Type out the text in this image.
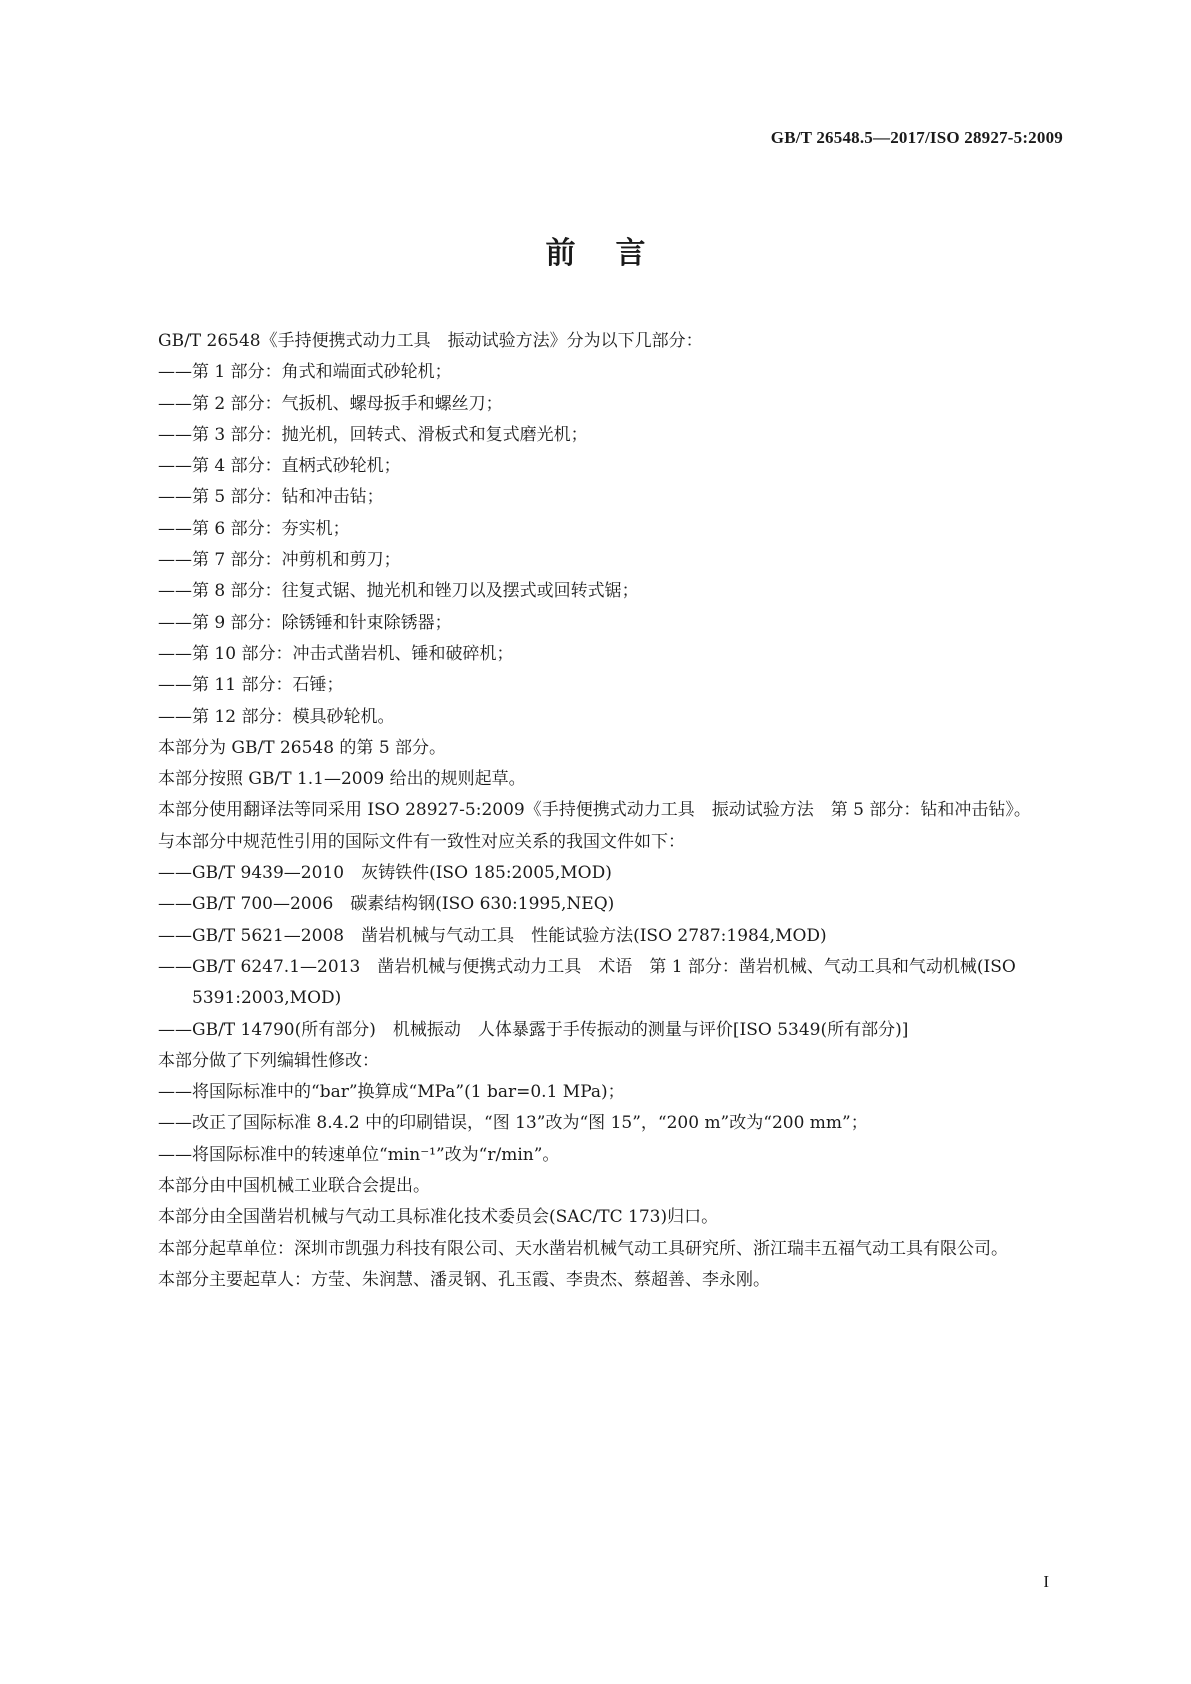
GB/T 26548.5—2017/ISO 28927-5:2009
前言

GB/T 26548《手持便携式动力工具　振动试验方法》分为以下几部分：

——第 1 部分：角式和端面式砂轮机；

——第 2 部分：气扳机、螺母扳手和螺丝刀；

——第 3 部分：抛光机，回转式、滑板式和复式磨光机；

——第 4 部分：直柄式砂轮机；

——第 5 部分：钻和冲击钻；

——第 6 部分：夯实机；

——第 7 部分：冲剪机和剪刀；

——第 8 部分：往复式锯、抛光机和锉刀以及摆式或回转式锯；

——第 9 部分：除锈锤和针束除锈器；

——第 10 部分：冲击式凿岩机、锤和破碎机；

——第 11 部分：石锤；

——第 12 部分：模具砂轮机。

本部分为 GB/T 26548 的第 5 部分。

本部分按照 GB/T 1.1—2009 给出的规则起草。

本部分使用翻译法等同采用 ISO 28927-5:2009《手持便携式动力工具　振动试验方法　第 5 部分：钻和冲击钻》。

与本部分中规范性引用的国际文件有一致性对应关系的我国文件如下：

——GB/T 9439—2010　灰铸铁件(ISO 185:2005,MOD)

——GB/T 700—2006　碳素结构钢(ISO 630:1995,NEQ)

——GB/T 5621—2008　凿岩机械与气动工具　性能试验方法(ISO 2787:1984,MOD)

——GB/T 6247.1—2013　凿岩机械与便携式动力工具　术语　第 1 部分：凿岩机械、气动工具和气动机械(ISO 5391:2003,MOD)

——GB/T 14790(所有部分)　机械振动　人体暴露于手传振动的测量与评价[ISO 5349(所有部分)]

本部分做了下列编辑性修改：

——将国际标准中的“bar”换算成“MPa”(1 bar=0.1 MPa)；

——改正了国际标准 8.4.2 中的印刷错误，“图 13”改为“图 15”，“200 m”改为“200 mm”；

——将国际标准中的转速单位“min⁻¹”改为“r/min”。

本部分由中国机械工业联合会提出。

本部分由全国凿岩机械与气动工具标准化技术委员会(SAC/TC 173)归口。

本部分起草单位：深圳市凯强力科技有限公司、天水凿岩机械气动工具研究所、浙江瑞丰五福气动工具有限公司。

本部分主要起草人：方莹、朱润慧、潘灵钢、孔玉霞、李贵杰、蔡超善、李永刚。

I
